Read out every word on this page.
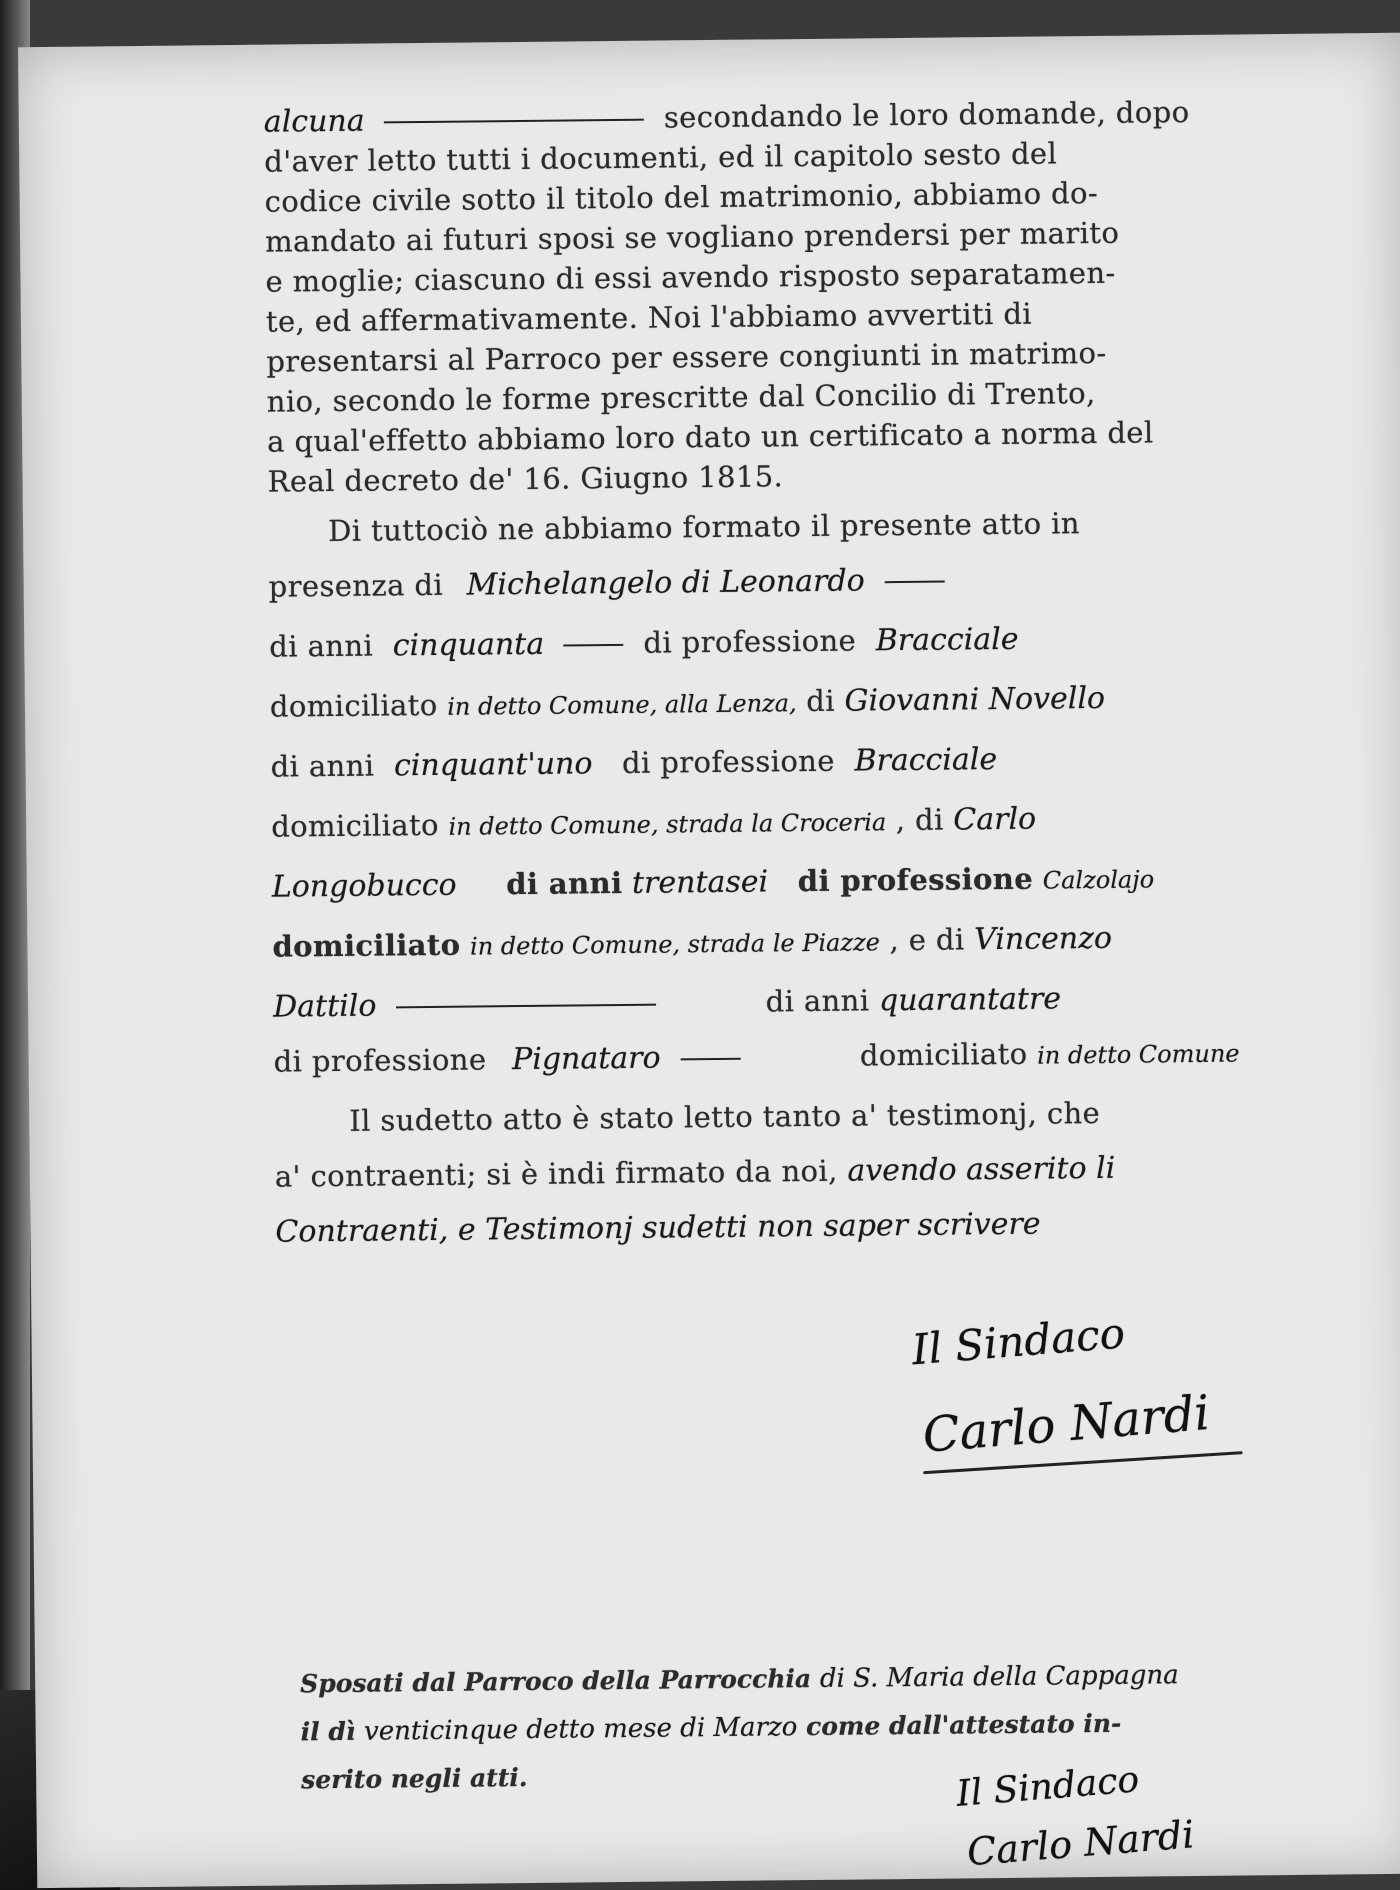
alcuna	secondando le loro domande, dopo
d'aver letto tutti i documenti, ed il capitolo sesto del
codice civile sotto il titolo del matrimonio, abbiamo do-
mandato ai futuri sposi se vogliano prendersi per marito
e moglie; ciascuno di essi avendo risposto separatamen-
te, ed affermativamente. Noi l'abbiamo avvertiti di
presentarsi al Parroco per essere congiunti in matrimo-
nio, secondo le forme prescritte dal Concilio di Trento,
a qual'effetto abbiamo loro dato un certificato a norma del
Real decreto de' 16. Giugno 1815.
Di tuttociò ne abbiamo formato il presente atto in
presenza di Michelangelo di Leonardo
di anni cinquanta	di professione Bracciale
domiciliato in detto Comune, alla Lenza, di Giovanni Novello
di anni cinquant'uno di professione Bracciale
domiciliato in detto Comune, strada la Croceria , di Carlo
Longobucco di anni trentasei di professione Calzolajo
domiciliato in detto Comune, strada le Piazze , e di Vincenzo
Dattilo	di anni quarantatre
di professione Pignataro	domiciliato in detto Comune
Il sudetto atto è stato letto tanto a' testimonj, che
a' contraenti; si è indi firmato da noi, avendo asserito li
Contraenti, e Testimonj sudetti non saper scrivere
Il Sindaco
Carlo Nardi
Sposati dal Parroco della Parrocchia di S. Maria della Cappagna
il dì venticinque detto mese di Marzo come dall'attestato in-
serito negli atti.	Il Sindaco
Carlo Nardi
